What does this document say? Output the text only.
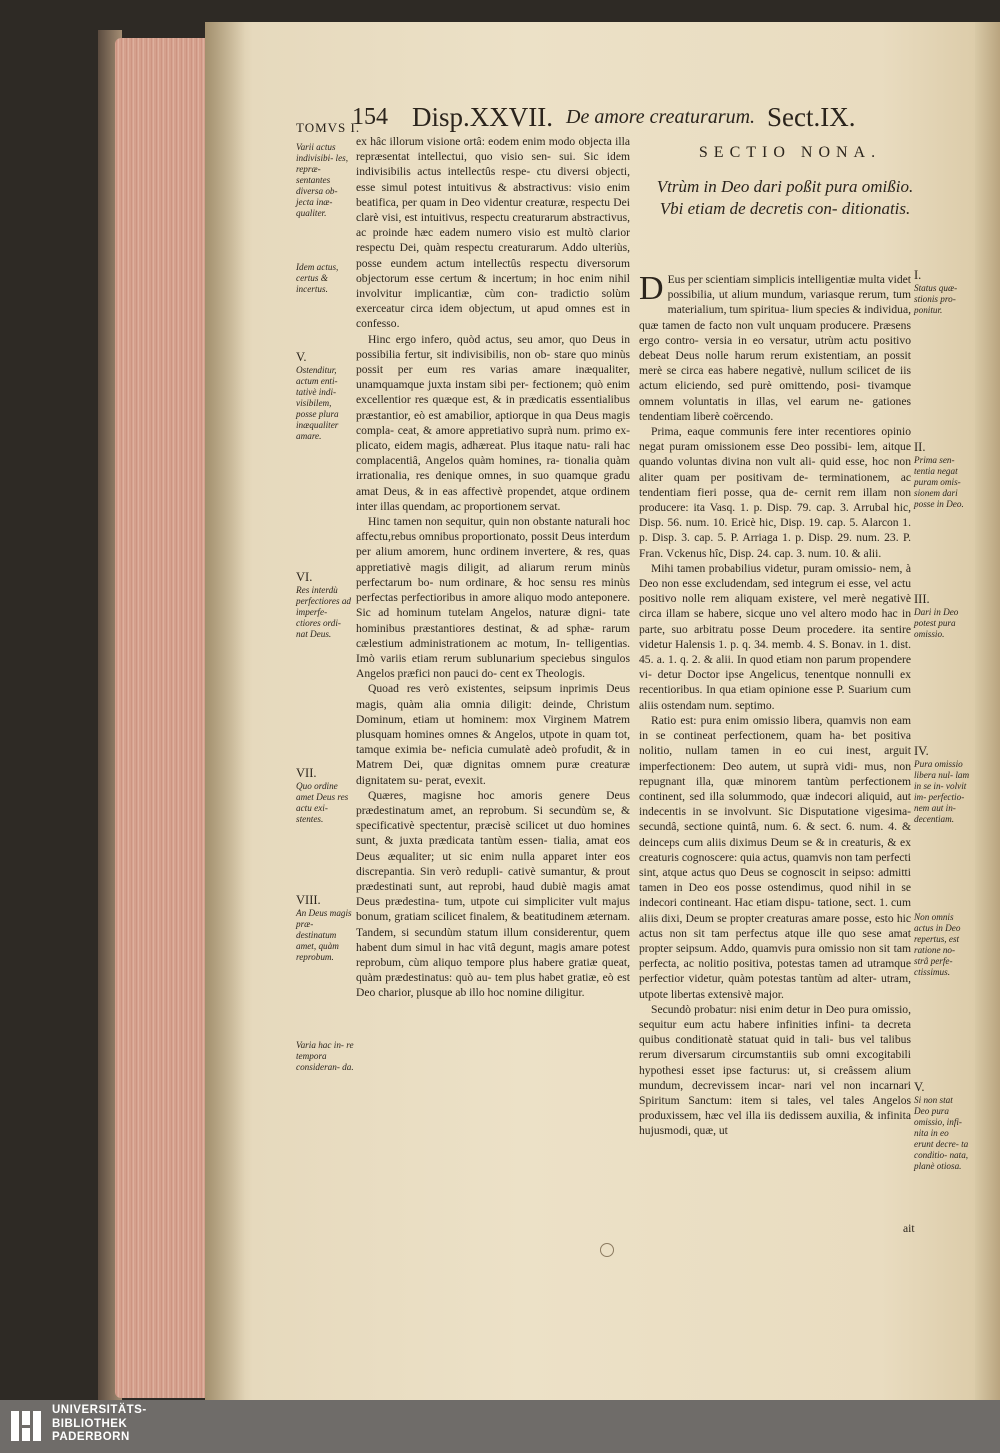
TOMVS I.
154 Disp.XXVII. De amore creaturarum. Sect.IX.
SECTIO NONA.
Vtrùm in Deo dari poßit pura omißio. Vbi etiam de decretis con- ditionatis.

ex hâc illorum visione ortâ: eodem enim modo objecta illa repræsentat intellectui, quo visio sen- sui. Sic idem indivisibilis actus intellectûs respe- ctu diversi objecti, esse simul potest intuitivus & abstractivus: visio enim beatifica, per quam in Deo videntur creaturæ, respectu Dei clarè visi, est intuitivus, respectu creaturarum abstractivus, ac proinde hæc eadem numero visio est multò clarior respectu Dei, quàm respectu creaturarum. Addo ulteriùs, posse eundem actum intellectûs respectu diversorum objectorum esse certum & incertum; in hoc enim nihil involvitur implicantiæ, cùm con- tradictio solùm exerceatur circa idem objectum, ut apud omnes est in confesso.

Hinc ergo infero, quòd actus, seu amor, quo Deus in possibilia fertur, sit indivisibilis, non ob- stare quo minùs possit per eum res varias amare inæqualiter, unamquamque juxta instam sibi per- fectionem; quò enim excellentior res quæque est, & in prædicatis essentialibus præstantior, eò est amabilior, aptiorque in qua Deus magis compla- ceat, & amore appretiativo suprà num. primo ex- plicato, eidem magis, adhæreat. Plus itaque natu- rali hac complacentiâ, Angelos quàm homines, ra- tionalia quàm irrationalia, res denique omnes, in suo quamque gradu amat Deus, & in eas affectivè propendet, atque ordinem inter illas quendam, ac proportionem servat.

Hinc tamen non sequitur, quin non obstante naturali hoc affectu,rebus omnibus proportionato, possit Deus interdum per alium amorem, hunc ordinem invertere, & res, quas appretiativè magis diligit, ad aliarum rerum minùs perfectarum bo- num ordinare, & hoc sensu res minùs perfectas perfectioribus in amore aliquo modo anteponere. Sic ad hominum tutelam Angelos, naturæ digni- tate hominibus præstantiores destinat, & ad sphæ- rarum cælestium administrationem ac motum, In- telligentias. Imò variis etiam rerum sublunarium speciebus singulos Angelos præfici non pauci do- cent ex Theologis.

Quoad res verò existentes, seipsum inprimis Deus magis, quàm alia omnia diligit: deinde, Christum Dominum, etiam ut hominem: mox Virginem Matrem plusquam homines omnes & Angelos, utpote in quam tot, tamque eximia be- neficia cumulatè adeò profudit, & in Matrem Dei, quæ dignitas omnem puræ creaturæ dignitatem su- perat, evexit.

Quæres, magisne hoc amoris genere Deus prædestinatum amet, an reprobum. Si secundùm se, & specificativè spectentur, præcisè scilicet ut duo homines sunt, & juxta prædicata tantùm essen- tialia, amat eos Deus æqualiter; ut sic enim nulla apparet inter eos discrepantia. Sin verò redupli- cativè sumantur, & prout prædestinati sunt, aut reprobi, haud dubiè magis amat Deus prædestina- tum, utpote cui simpliciter vult majus bonum, gratiam scilicet finalem, & beatitudinem æternam. Tandem, si secundùm statum illum considerentur, quem habent dum simul in hac vitâ degunt, magis amare potest reprobum, cùm aliquo tempore plus habere gratiæ queat, quàm prædestinatus: quò au- tem plus habet gratiæ, eò est Deo charior, plusque ab illo hoc nomine diligitur.

D Eus per scientiam simplicis intelligentiæ multa videt possibilia, ut alium mundum, variasque rerum, tum materialium, tum spiritua- lium species & individua, quæ tamen de facto non vult unquam producere. Præsens ergo contro- versia in eo versatur, utrùm actu positivo debeat Deus nolle harum rerum existentiam, an possit merè se circa eas habere negativè, nullum scilicet de iis actum eliciendo, sed purè omittendo, posi- tivamque omnem voluntatis in illas, vel earum ne- gationes tendentiam liberè coërcendo.

Prima, eaque communis fere inter recentiores opinio negat puram omissionem esse Deo possibi- lem, aitque quando voluntas divina non vult ali- quid esse, hoc non aliter quam per positivam de- terminationem, ac tendentiam fieri posse, qua de- cernit rem illam non producere: ita Vasq. 1. p. Disp. 79. cap. 3. Arrubal hic, Disp. 56. num. 10. Ericè hic, Disp. 19. cap. 5. Alarcon 1. p. Disp. 3. cap. 5. P. Arriaga 1. p. Disp. 29. num. 23. P. Fran. Vckenus hîc, Disp. 24. cap. 3. num. 10. & alii.

Mihi tamen probabilius videtur, puram omissio- nem, à Deo non esse excludendam, sed integrum ei esse, vel actu positivo nolle rem aliquam existere, vel merè negativè circa illam se habere, sicque uno vel altero modo hac in parte, suo arbitratu posse Deum procedere. ita sentire videtur Halensis 1. p. q. 34. memb. 4. S. Bonav. in 1. dist. 45. a. 1. q. 2. & alii. In quod etiam non parum propendere vi- detur Doctor ipse Angelicus, tenentque nonnulli ex recentioribus. In qua etiam opinione esse P. Suarium cum aliis ostendam num. septimo.

Ratio est: pura enim omissio libera, quamvis non eam in se contineat perfectionem, quam ha- bet positiva nolitio, nullam tamen in eo cui inest, arguit imperfectionem: Deo autem, ut suprà vidi- mus, non repugnant illa, quæ minorem tantùm perfectionem continent, sed illa solummodo, quæ indecori aliquid, aut indecentis in se involvunt. Sic Disputatione vigesima-secundâ, sectione quintâ, num. 6. & sect. 6. num. 4. & deinceps cum aliis diximus Deum se & in creaturis, & ex creaturis cognoscere: quia actus, quamvis non tam perfecti sint, atque actus quo Deus se cognoscit in seipso: admitti tamen in Deo eos posse ostendimus, quod nihil in se indecori contineant. Hac etiam dispu- tatione, sect. 1. cum aliis dixi, Deum se propter creaturas amare posse, esto hic actus non sit tam perfectus atque ille quo sese amat propter seipsum. Addo, quamvis pura omissio non sit tam perfecta, ac nolitio positiva, potestas tamen ad utramque perfectior videtur, quàm potestas tantùm ad alter- utram, utpote libertas extensivè major.

Secundò probatur: nisi enim detur in Deo pura omissio, sequitur eum actu habere infinities infini- ta decreta quibus conditionatè statuat quid in tali- bus vel talibus rerum diversarum circumstantiis sub omni excogitabili hypothesi esset ipse facturus: ut, si creâssem alium mundum, decrevissem incar- nari vel non incarnari Spiritum Sanctum: item si tales, vel tales Angelos produxissem, hæc vel illa iis dedissem auxilia, & infinita hujusmodi, quæ, ut

ait
Varii actus indivisibi- les, repræ- sentantes diversa ob- jecta inæ- qualiter.
Idem actus, certus & incertus.
V.
Ostenditur, actum enti- tativè indi- visibilem, posse plura inæqualiter amare.
VI.
Res interdù perfectiores ad imperfe- ctiores ordi- nat Deus.
VII.
Quo ordine amet Deus res actu exi- stentes.
VIII.
An Deus magis præ- destinatum amet, quàm reprobum.
Varia hac in- re tempora consideran- da.
I.
Status quæ- stionis pro- ponitur.
II.
Prima sen- tentia negat puram omis- sionem dari posse in Deo.
III.
Dari in Deo potest pura omissio.
IV.
Pura omissio libera nul- lam in se in- volvit im- perfectio- nem aut in- decentiam.
Non omnis actus in Deo repertus, est ratione no- strâ perfe- ctissimus.
V.
Si non stat Deo pura omissio, infi- nita in eo erunt decre- ta conditio- nata, planè otiosa.
UNIVERSITÄTS-
BIBLIOTHEK
PADERBORN
